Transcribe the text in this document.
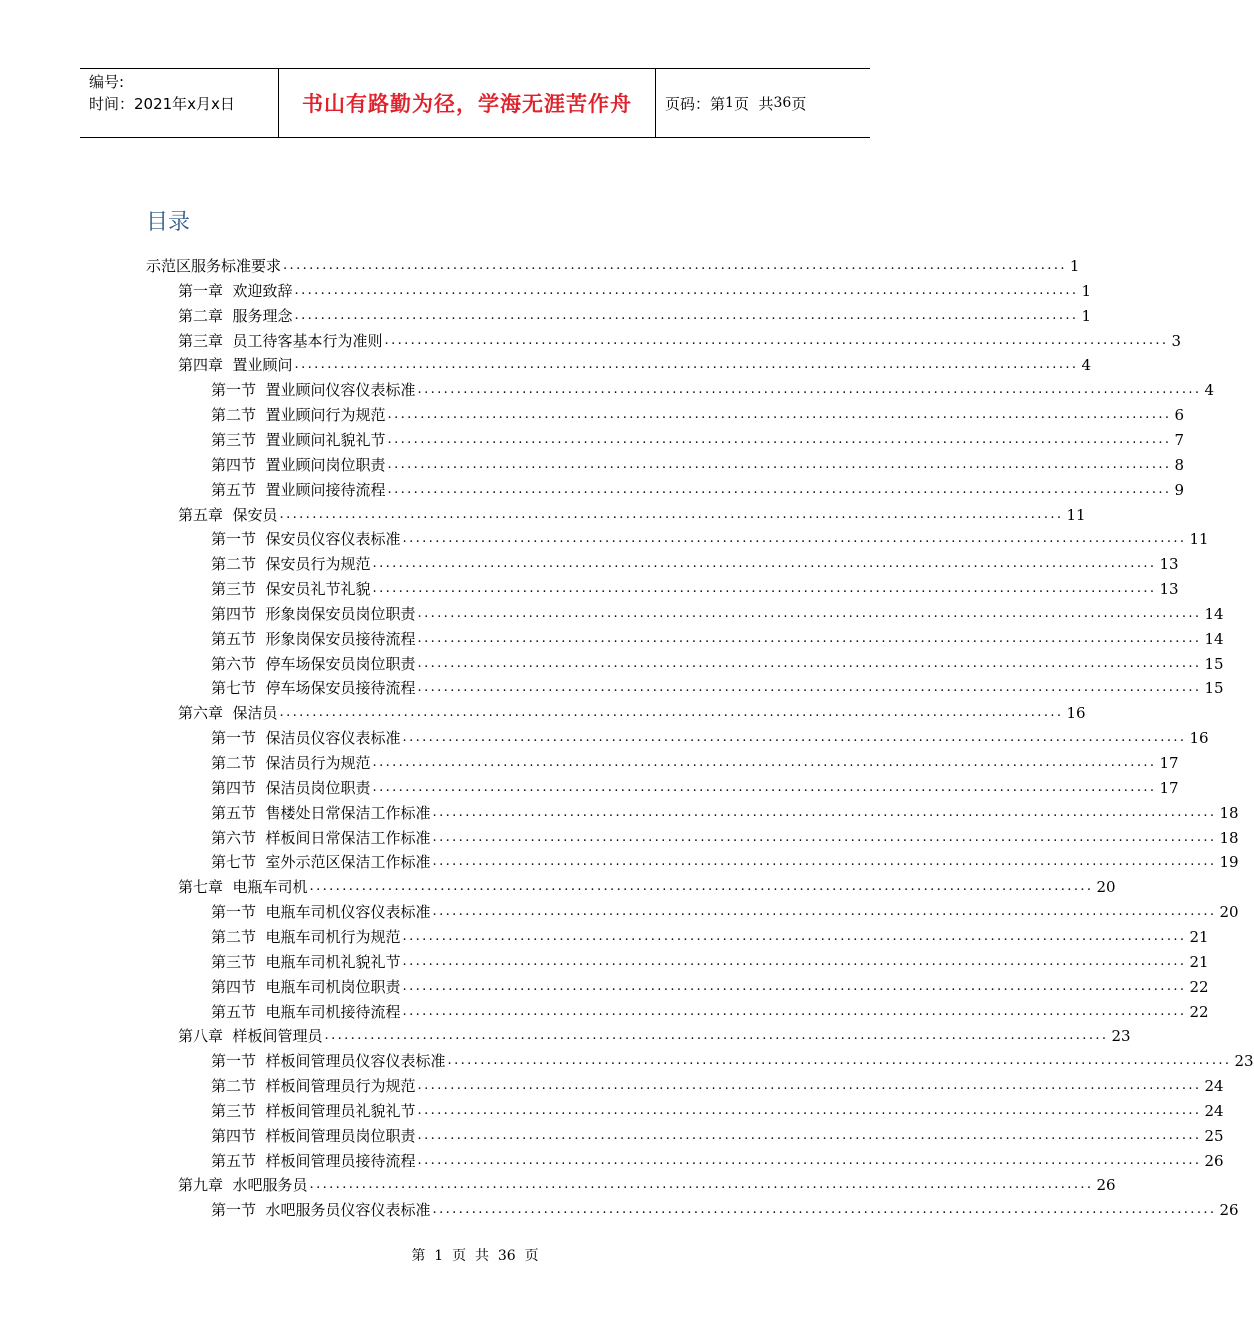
编号:
时间：2021年x月x日	书山有路勤为径，学海无涯苦作舟	页码：第 1 页  共 36 页
目录
示范区服务标准要求 ........................................................................................................................ 1
第一章  欢迎致辞 ........................................................................................................................ 1
第二章  服务理念 ........................................................................................................................ 1
第三章  员工待客基本行为准则 ........................................................................................................................ 3
第四章  置业顾问 ........................................................................................................................ 4
第一节  置业顾问仪容仪表标准 ........................................................................................................................ 4
第二节  置业顾问行为规范 ........................................................................................................................ 6
第三节  置业顾问礼貌礼节 ........................................................................................................................ 7
第四节  置业顾问岗位职责 ........................................................................................................................ 8
第五节  置业顾问接待流程 ........................................................................................................................ 9
第五章  保安员 ........................................................................................................................ 11
第一节  保安员仪容仪表标准 ........................................................................................................................ 11
第二节  保安员行为规范 ........................................................................................................................ 13
第三节  保安员礼节礼貌 ........................................................................................................................ 13
第四节  形象岗保安员岗位职责 ........................................................................................................................ 14
第五节  形象岗保安员接待流程 ........................................................................................................................ 14
第六节  停车场保安员岗位职责 ........................................................................................................................ 15
第七节  停车场保安员接待流程 ........................................................................................................................ 15
第六章  保洁员 ........................................................................................................................ 16
第一节  保洁员仪容仪表标准 ........................................................................................................................ 16
第二节  保洁员行为规范 ........................................................................................................................ 17
第四节  保洁员岗位职责 ........................................................................................................................ 17
第五节  售楼处日常保洁工作标准 ........................................................................................................................ 18
第六节  样板间日常保洁工作标准 ........................................................................................................................ 18
第七节  室外示范区保洁工作标准 ........................................................................................................................ 19
第七章  电瓶车司机 ........................................................................................................................ 20
第一节  电瓶车司机仪容仪表标准 ........................................................................................................................ 20
第二节  电瓶车司机行为规范 ........................................................................................................................ 21
第三节  电瓶车司机礼貌礼节 ........................................................................................................................ 21
第四节  电瓶车司机岗位职责 ........................................................................................................................ 22
第五节  电瓶车司机接待流程 ........................................................................................................................ 22
第八章  样板间管理员 ........................................................................................................................ 23
第一节  样板间管理员仪容仪表标准 ........................................................................................................................ 23
第二节  样板间管理员行为规范 ........................................................................................................................ 24
第三节  样板间管理员礼貌礼节 ........................................................................................................................ 24
第四节  样板间管理员岗位职责 ........................................................................................................................ 25
第五节  样板间管理员接待流程 ........................................................................................................................ 26
第九章  水吧服务员 ........................................................................................................................ 26
第一节  水吧服务员仪容仪表标准 ........................................................................................................................ 26
第  1  页  共  36  页
